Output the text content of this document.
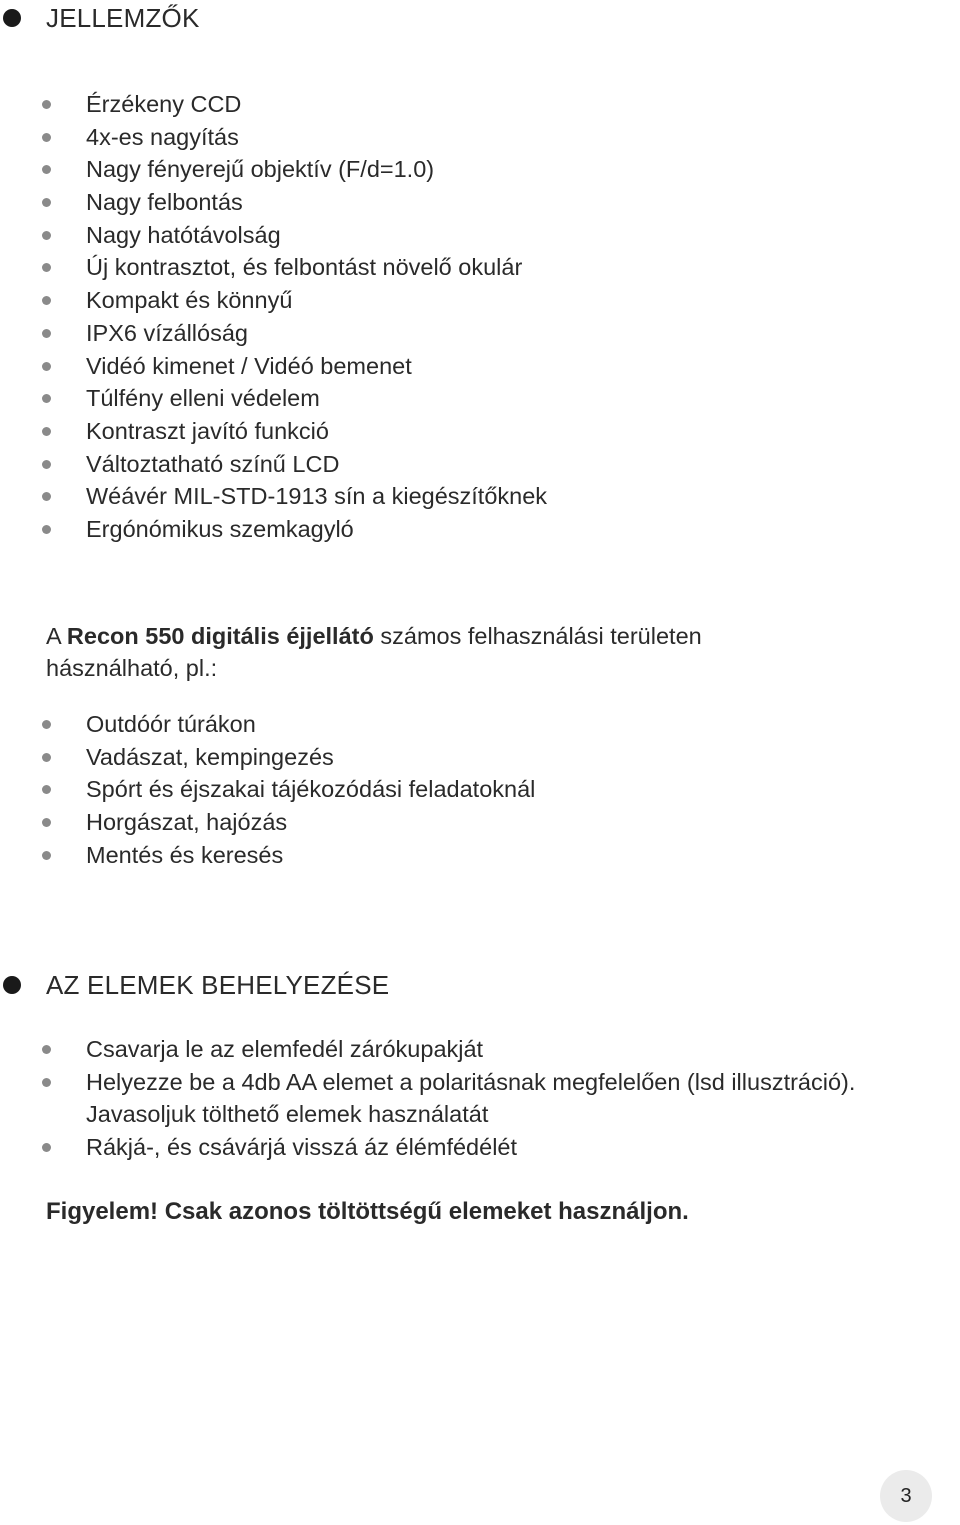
JELLEMZŐK
Érzékeny CCD
4x-es nagyítás
Nagy fényerejű objektív (F/d=1.0)
Nagy felbontás
Nagy hatótávolság
Új kontrasztot, és felbontást növelő okulár
Kompakt és könnyű
IPX6 vízállóság
Vidéó kimenet / Vidéó bemenet
Túlfény elleni védelem
Kontraszt javító funkció
Változtatható színű LCD
Wéávér MIL-STD-1913 sín a kiegészítőknek
Ergónómikus szemkagyló

A Recon 550 digitális éjjellátó számos felhasználási területen
hásználható, pl.:

Outdóór túrákon
Vadászat, kempingezés
Spórt és éjszakai tájékozódási feladatoknál
Horgászat, hajózás
Mentés és keresés
AZ ELEMEK BEHELYEZÉSE
Csavarja le az elemfedél zárókupakját
Helyezze be a 4db AA elemet a polaritásnak megfelelően (lsd illusztráció).
Javasoljuk tölthető elemek használatát
Rákjá-, és csávárjá visszá áz élémfédélét

Figyelem! Csak azonos töltöttségű elemeket használjon.

3
